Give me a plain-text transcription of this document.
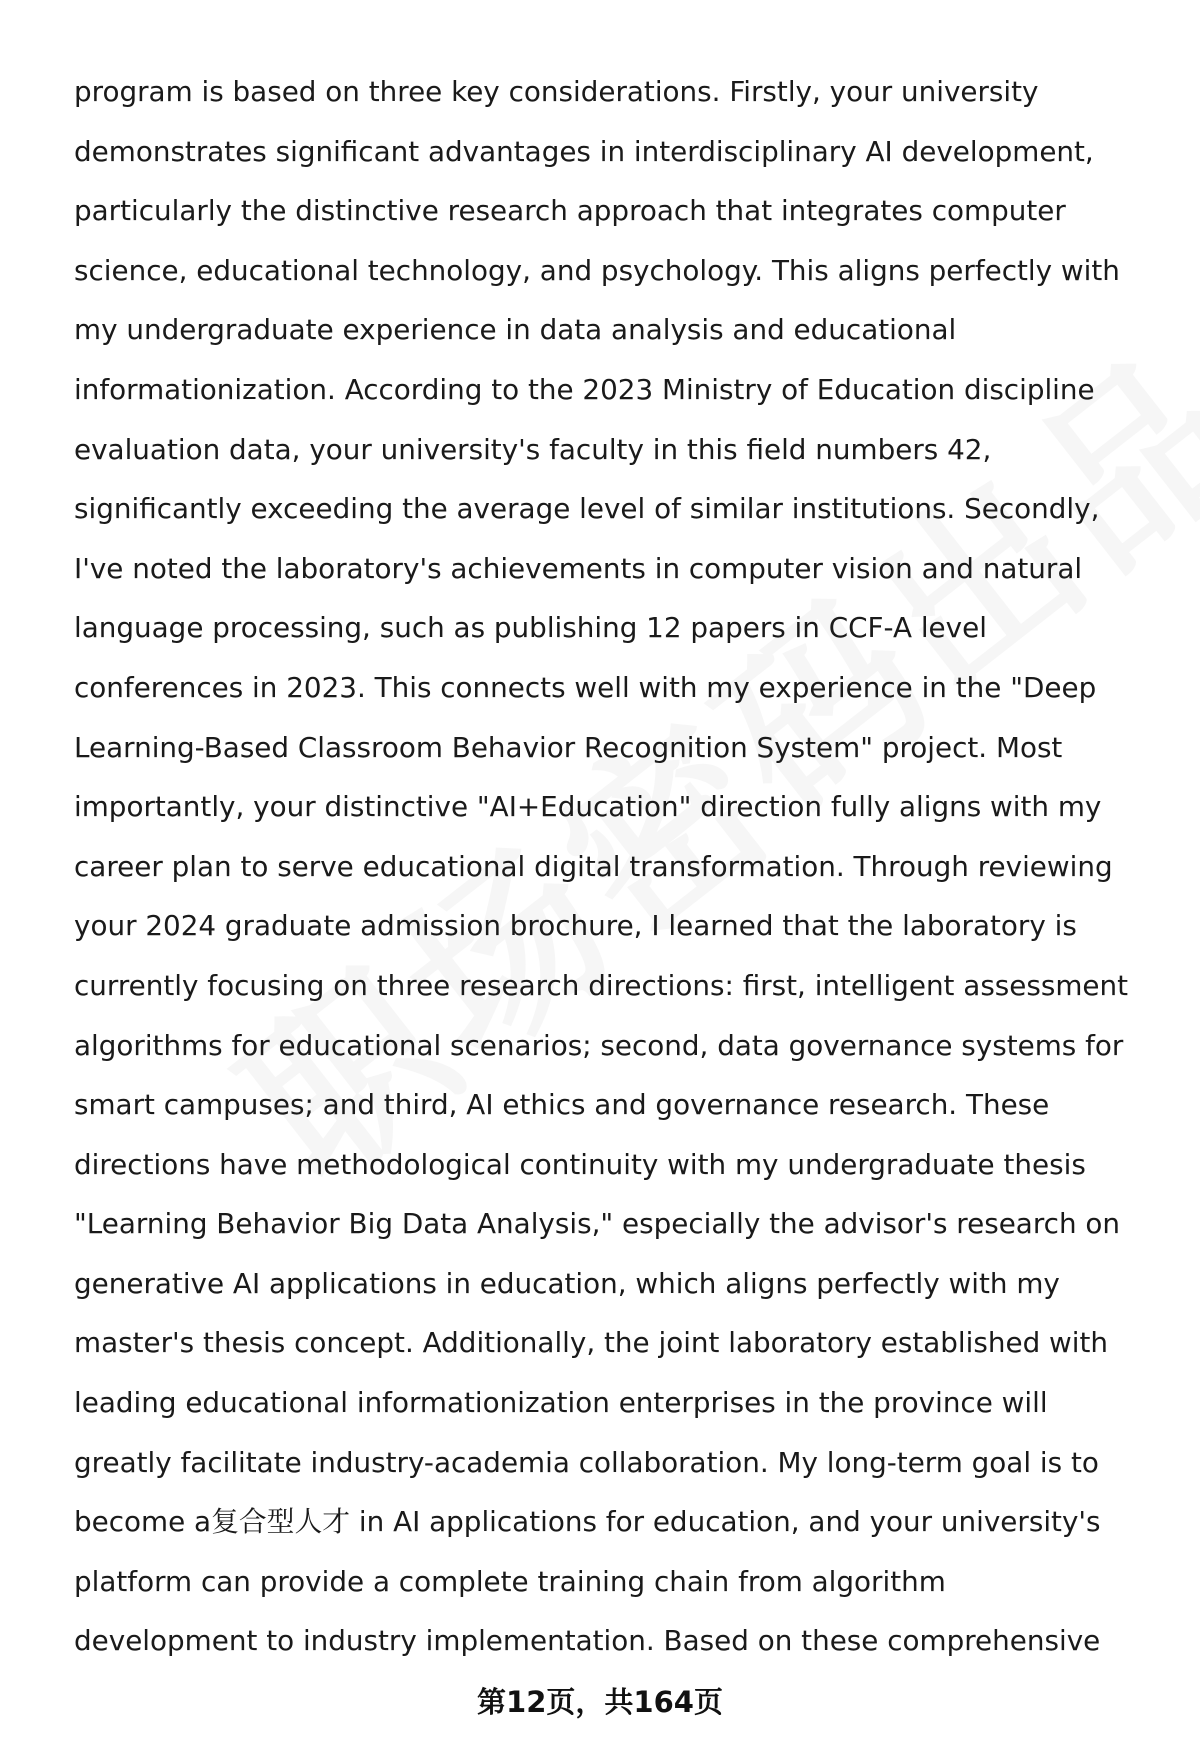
program is based on three key considerations. Firstly, your university
demonstrates significant advantages in interdisciplinary AI development,
particularly the distinctive research approach that integrates computer
science, educational technology, and psychology. This aligns perfectly with
my undergraduate experience in data analysis and educational
informationization. According to the 2023 Ministry of Education discipline
evaluation data, your university's faculty in this field numbers 42,
significantly exceeding the average level of similar institutions. Secondly,
I've noted the laboratory's achievements in computer vision and natural
language processing, such as publishing 12 papers in CCF-A level
conferences in 2023. This connects well with my experience in the "Deep
Learning-Based Classroom Behavior Recognition System" project. Most
importantly, your distinctive "AI+Education" direction fully aligns with my
career plan to serve educational digital transformation. Through reviewing
your 2024 graduate admission brochure, I learned that the laboratory is
currently focusing on three research directions: first, intelligent assessment
algorithms for educational scenarios; second, data governance systems for
smart campuses; and third, AI ethics and governance research. These
directions have methodological continuity with my undergraduate thesis
"Learning Behavior Big Data Analysis," especially the advisor's research on
generative AI applications in education, which aligns perfectly with my
master's thesis concept. Additionally, the joint laboratory established with
leading educational informationization enterprises in the province will
greatly facilitate industry-academia collaboration. My long-term goal is to
become a复合型人才 in AI applications for education, and your university's
platform can provide a complete training chain from algorithm
development to industry implementation. Based on these comprehensive
第12页，共164页
